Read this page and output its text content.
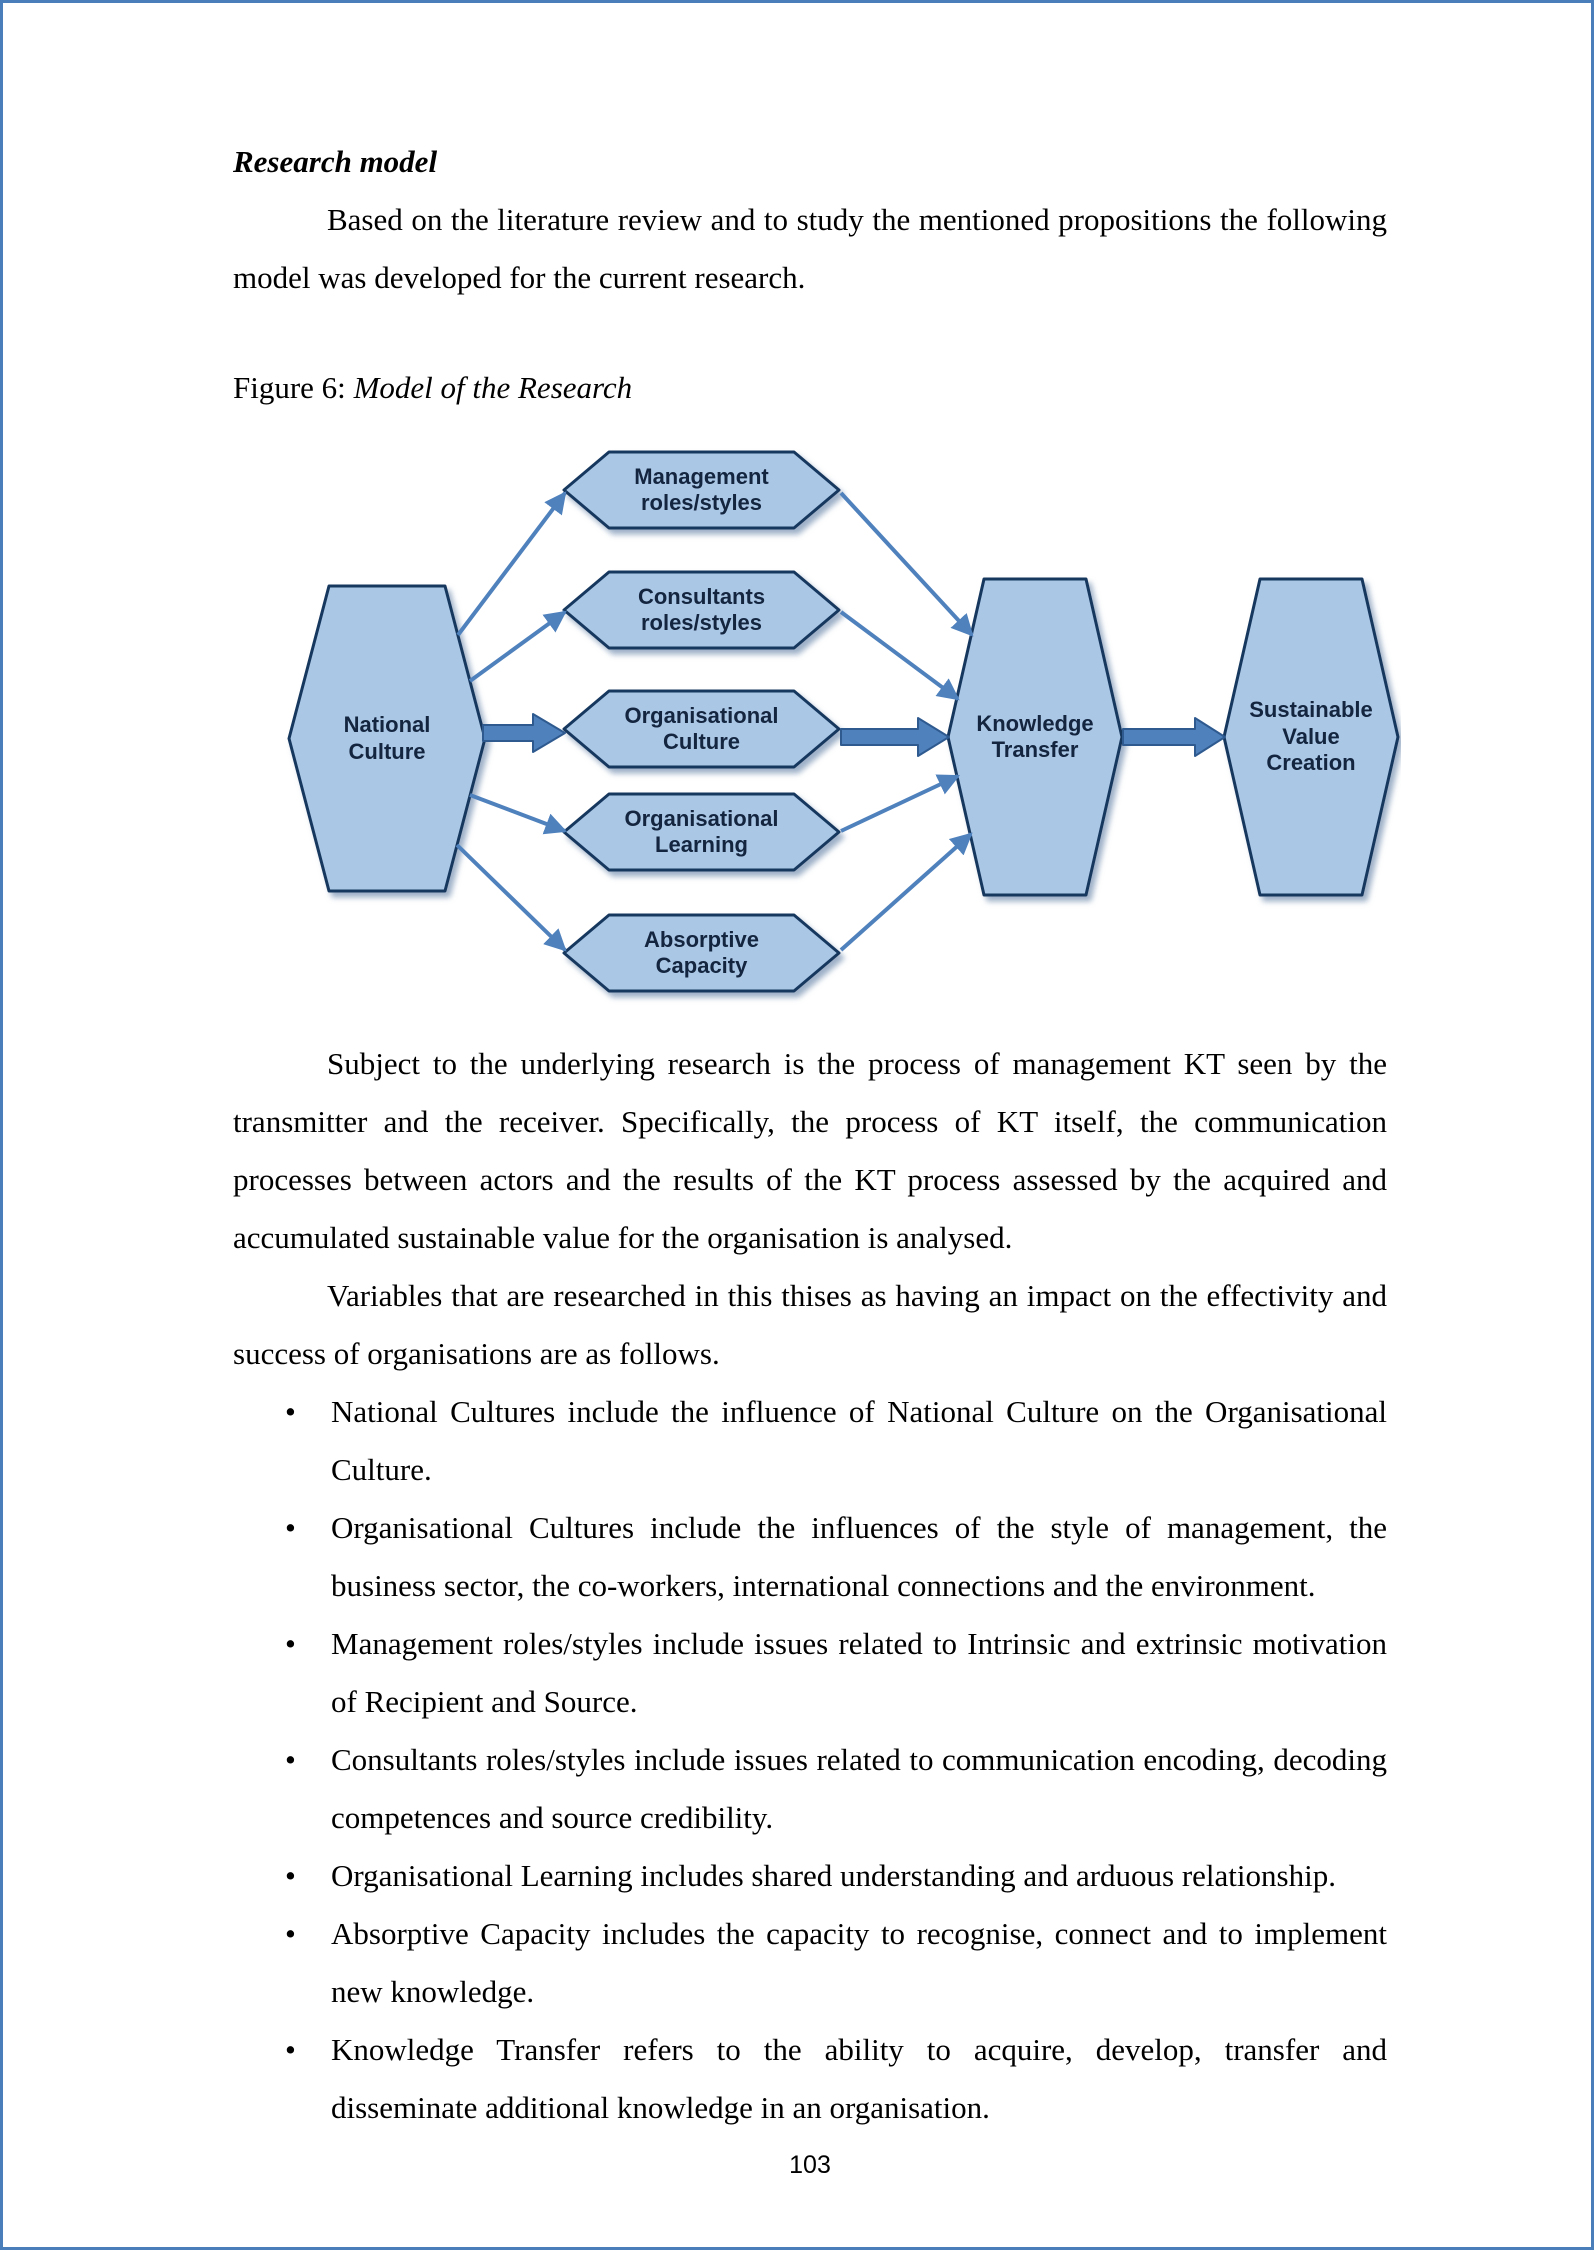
Research model

Based on the literature review and to study the mentioned propositions the following model was developed for the current research.

Figure 6: Model of the Research

National Culture
Management roles/styles
Consultants roles/styles
Organisational Culture
Organisational Learning
Absorptive Capacity
Knowledge Transfer
Sustainable Value Creation

Subject to the underlying research is the process of management KT seen by the transmitter and the receiver. Specifically, the process of KT itself, the communication processes between actors and the results of the KT process assessed by the acquired and accumulated sustainable value for the organisation is analysed.

Variables that are researched in this thises as having an impact on the effectivity and success of organisations are as follows.

• National Cultures include the influence of National Culture on the Organisational Culture.
• Organisational Cultures include the influences of the style of management, the business sector, the co-workers, international connections and the environment.
• Management roles/styles include issues related to Intrinsic and extrinsic motivation of Recipient and Source.
• Consultants roles/styles include issues related to communication encoding, decoding competences and source credibility.
• Organisational Learning includes shared understanding and arduous relationship.
• Absorptive Capacity includes the capacity to recognise, connect and to implement new knowledge.
• Knowledge Transfer refers to the ability to acquire, develop, transfer and disseminate additional knowledge in an organisation.
103
